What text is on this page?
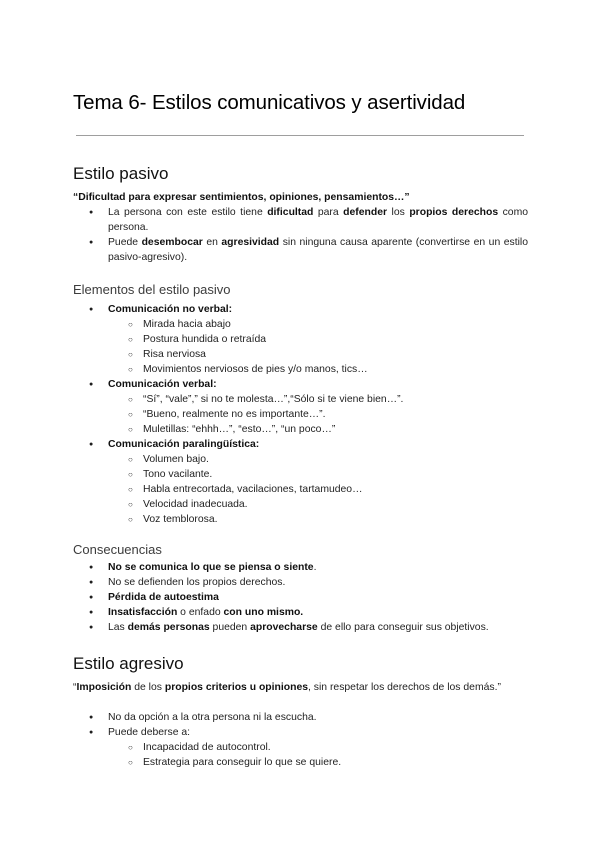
Tema 6- Estilos comunicativos y asertividad
Estilo pasivo

“Dificultad para expresar sentimientos, opiniones, pensamientos…”

● La persona con este estilo tiene dificultad para defender los propios derechos como persona.
● Puede desembocar en agresividad sin ninguna causa aparente (convertirse en un estilo pasivo-agresivo).
Elementos del estilo pasivo
● Comunicación no verbal:
○ Mirada hacia abajo
○ Postura hundida o retraída
○ Risa nerviosa
○ Movimientos nerviosos de pies y/o manos, tics…
● Comunicación verbal:
○ “Sí”, “vale”,” si no te molesta…”,“Sólo si te viene bien…”.
○ “Bueno, realmente no es importante…”.
○ Muletillas: “ehhh…”, “esto…”, “un poco…”
● Comunicación paralingüística:
○ Volumen bajo.
○ Tono vacilante.
○ Habla entrecortada, vacilaciones, tartamudeo…
○ Velocidad inadecuada.
○ Voz temblorosa.
Consecuencias
● No se comunica lo que se piensa o siente.
● No se defienden los propios derechos.
● Pérdida de autoestima
● Insatisfacción o enfado con uno mismo.
● Las demás personas pueden aprovecharse de ello para conseguir sus objetivos.
Estilo agresivo

“Imposición de los propios criterios u opiniones, sin respetar los derechos de los demás.”

● No da opción a la otra persona ni la escucha.
● Puede deberse a:
○ Incapacidad de autocontrol.
○ Estrategia para conseguir lo que se quiere.
